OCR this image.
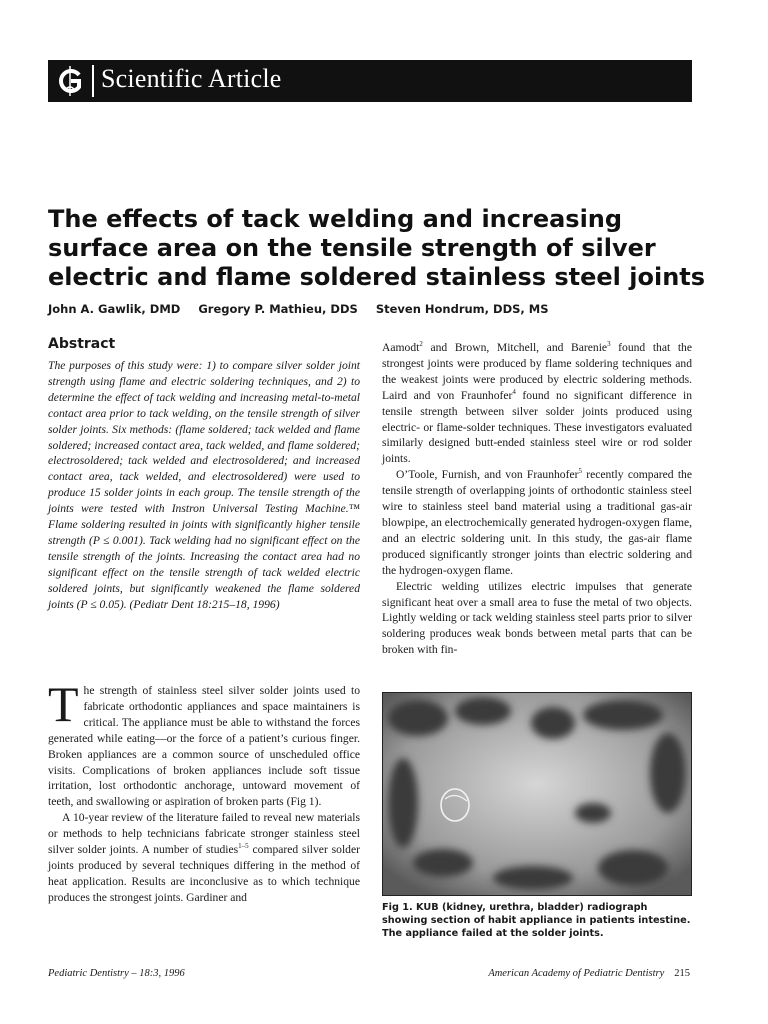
Scientific Article
The effects of tack welding and increasing surface area on the tensile strength of silver electric and flame soldered stainless steel joints
John A. Gawlik, DMD Gregory P. Mathieu, DDS Steven Hondrum, DDS, MS
Abstract

The purposes of this study were: 1) to compare silver solder joint strength using flame and electric soldering techniques, and 2) to determine the effect of tack welding and increasing metal-to-metal contact area prior to tack welding, on the tensile strength of silver solder joints. Six methods: (flame soldered; tack welded and flame soldered; increased contact area, tack welded, and flame soldered; electrosoldered; tack welded and electrosoldered; and increased contact area, tack welded, and electrosoldered) were used to produce 15 solder joints in each group. The tensile strength of the joints were tested with Instron Universal Testing Machine.™ Flame soldering resulted in joints with significantly higher tensile strength (P ≤ 0.001). Tack welding had no significant effect on the tensile strength of the joints. Increasing the contact area had no significant effect on the tensile strength of tack welded electric soldered joints, but significantly weakened the flame soldered joints (P ≤ 0.05). (Pediatr Dent 18:215–18, 1996)

The strength of stainless steel silver solder joints used to fabricate orthodontic appliances and space maintainers is critical. The appliance must be able to withstand the forces generated while eating—or the force of a patient’s curious finger. Broken appliances are a common source of unscheduled office visits. Complications of broken appliances include soft tissue irritation, lost orthodontic anchorage, untoward movement of teeth, and swallowing or aspiration of broken parts (Fig 1).

A 10-year review of the literature failed to reveal new materials or methods to help technicians fabricate stronger stainless steel silver solder joints. A number of studies$^{1-5}$ compared silver solder joints produced by several techniques differing in the method of heat application. Results are inconclusive as to which technique produces the strongest joints. Gardiner and

Aamodt$^2$ and Brown, Mitchell, and Barenie$^3$ found that the strongest joints were produced by flame soldering techniques and the weakest joints were produced by electric soldering methods. Laird and von Fraunhofer$^4$ found no significant difference in tensile strength between silver solder joints produced using electric- or flame-solder techniques. These investigators evaluated similarly designed butt-ended stainless steel wire or rod solder joints.

O’Toole, Furnish, and von Fraunhofer$^5$ recently compared the tensile strength of overlapping joints of orthodontic stainless steel wire to stainless steel band material using a traditional gas-air blowpipe, an electrochemically generated hydrogen-oxygen flame, and an electric soldering unit. In this study, the gas-air flame produced significantly stronger joints than electric soldering and the hydrogen-oxygen flame.

Electric welding utilizes electric impulses that generate significant heat over a small area to fuse the metal of two objects. Lightly welding or tack welding stainless steel parts prior to silver soldering produces weak bonds between metal parts that can be broken with fin-

Fig 1. KUB (kidney, urethra, bladder) radiograph showing section of habit appliance in patients intestine. The appliance failed at the solder joints.

Pediatric Dentistry – 18:3, 1996	American Academy of Pediatric Dentistry 215
